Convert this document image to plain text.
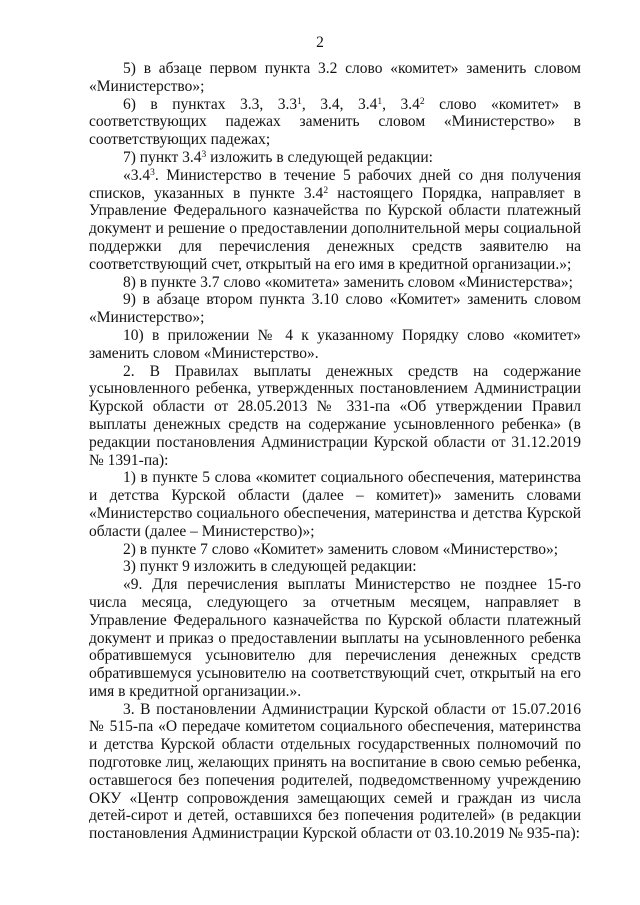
2

5) в абзаце первом пункта 3.2 слово «комитет» заменить словом «Министерство»;

6) в пунктах 3.3, $3.3^1$, 3.4, $3.4^1$, $3.4^2$ слово «комитет» в соответствующих падежах заменить словом «Министерство» в соответствующих падежах;

7) пункт $3.4^3$ изложить в следующей редакции:

«$3.4^3$. Министерство в течение 5 рабочих дней со дня получения списков, указанных в пункте $3.4^2$ настоящего Порядка, направляет в Управление Федерального казначейства по Курской области платежный документ и решение о предоставлении дополнительной меры социальной поддержки для перечисления денежных средств заявителю на соответствующий счет, открытый на его имя в кредитной организации.»;

8) в пункте 3.7 слово «комитета» заменить словом «Министерства»;

9) в абзаце втором пункта 3.10 слово «Комитет» заменить словом «Министерство»;

10) в приложении № 4 к указанному Порядку слово «комитет» заменить словом «Министерство».

2. В Правилах выплаты денежных средств на содержание усыновленного ребенка, утвержденных постановлением Администрации Курской области от 28.05.2013 № 331-па «Об утверждении Правил выплаты денежных средств на содержание усыновленного ребенка» (в редакции постановления Администрации Курской области от 31.12.2019 № 1391-па):

1) в пункте 5 слова «комитет социального обеспечения, материнства и детства Курской области (далее – комитет)» заменить словами «Министерство социального обеспечения, материнства и детства Курской области (далее – Министерство)»;

2) в пункте 7 слово «Комитет» заменить словом «Министерство»;

3) пункт 9 изложить в следующей редакции:

«9. Для перечисления выплаты Министерство не позднее 15-го числа месяца, следующего за отчетным месяцем, направляет в Управление Федерального казначейства по Курской области платежный документ и приказ о предоставлении выплаты на усыновленного ребенка обратившемуся усыновителю для перечисления денежных средств обратившемуся усыновителю на соответствующий счет, открытый на его имя в кредитной организации.».

3. В постановлении Администрации Курской области от 15.07.2016 № 515-па «О передаче комитетом социального обеспечения, материнства и детства Курской области отдельных государственных полномочий по подготовке лиц, желающих принять на воспитание в свою семью ребенка, оставшегося без попечения родителей, подведомственному учреждению ОКУ «Центр сопровождения замещающих семей и граждан из числа детей-сирот и детей, оставшихся без попечения родителей» (в редакции постановления Администрации Курской области от 03.10.2019 № 935-па):
